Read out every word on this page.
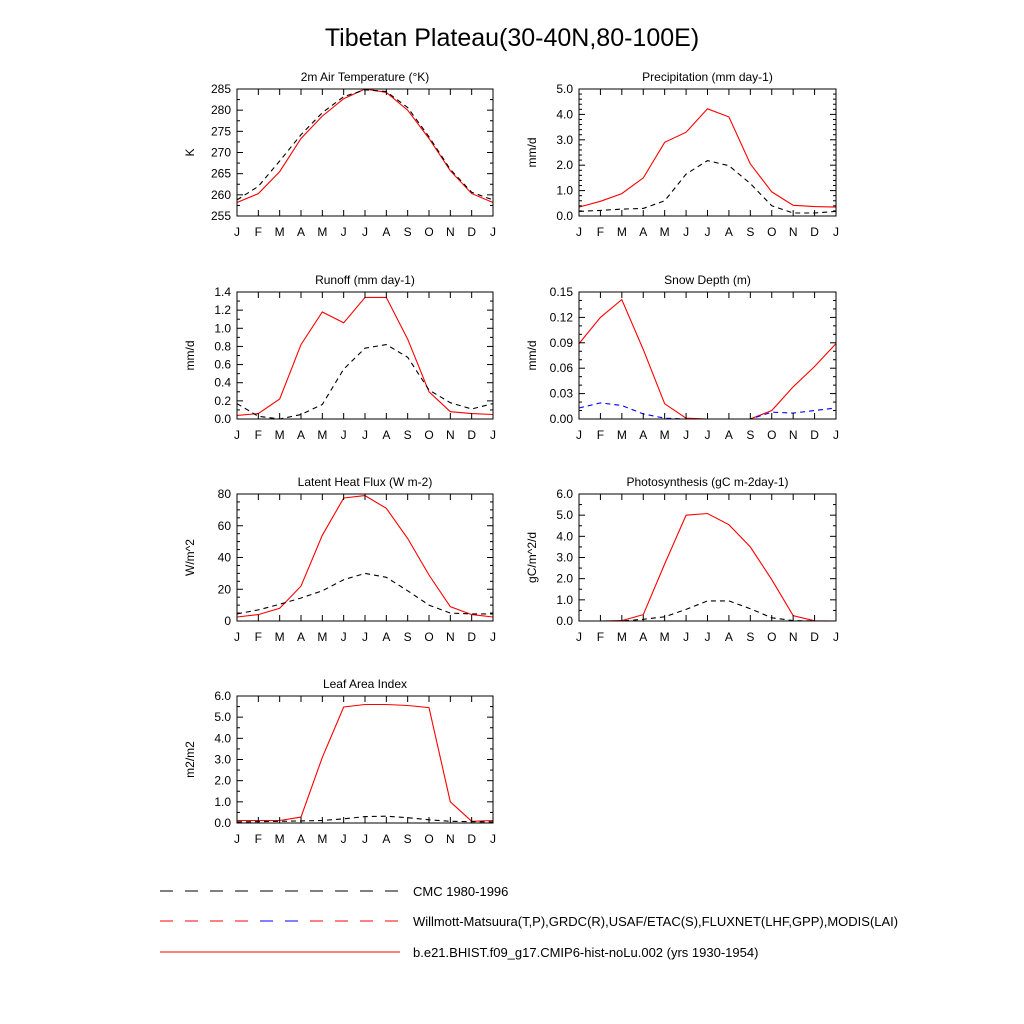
Tibetan Plateau(30-40N,80-100E)
2m Air Temperature (°K)
K
J F M A M J J A S O N D J
255
260
265
270
275
280
285
Precipitation (mm day-1)
mm/d
J F M A M J J A S O N D J
0.0
1.0
2.0
3.0
4.0
5.0
Runoff (mm day-1)
mm/d
J F M A M J J A S O N D J
0.0
0.2
0.4
0.6
0.8
1.0
1.2
1.4
Snow Depth (m)
mm/d
J F M A M J J A S O N D J
0.00
0.03
0.06
0.09
0.12
0.15
Latent Heat Flux (W m-2)
W/m^2
J F M A M J J A S O N D J
0
20
40
60
80
Photosynthesis (gC m-2day-1)
gC/m^2/d
J F M A M J J A S O N D J
0.0
1.0
2.0
3.0
4.0
5.0
6.0
Leaf Area Index
m2/m2
J F M A M J J A S O N D J
0.0
1.0
2.0
3.0
4.0
5.0
6.0
CMC 1980-1996
Willmott-Matsuura(T,P),GRDC(R),USAF/ETAC(S),FLUXNET(LHF,GPP),MODIS(LAI)
b.e21.BHIST.f09_g17.CMIP6-hist-noLu.002 (yrs 1930-1954)
